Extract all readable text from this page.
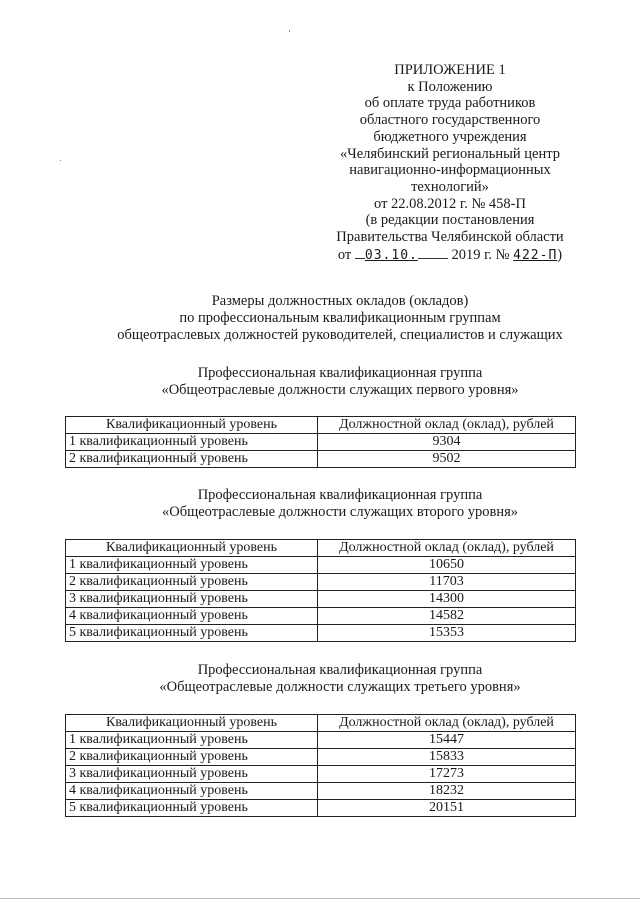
ПРИЛОЖЕНИЕ 1
к Положению
об оплате труда работников
областного государственного
бюджетного учреждения
«Челябинский региональный центр
навигационно-информационных
технологий»
от 22.08.2012 г. № 458-П
(в редакции постановления
Правительства Челябинской области
от 03.10. 2019 г. № 422-П)
Размеры должностных окладов (окладов)
по профессиональным квалификационным группам
общеотраслевых должностей руководителей, специалистов и служащих
Профессиональная квалификационная группа
«Общеотраслевые должности служащих первого уровня»
Квалификационный уровень	Должностной оклад (оклад), рублей
1 квалификационный уровень	9304
2 квалификационный уровень	9502
Профессиональная квалификационная группа
«Общеотраслевые должности служащих второго уровня»
Квалификационный уровень	Должностной оклад (оклад), рублей
1 квалификационный уровень	10650
2 квалификационный уровень	11703
3 квалификационный уровень	14300
4 квалификационный уровень	14582
5 квалификационный уровень	15353
Профессиональная квалификационная группа
«Общеотраслевые должности служащих третьего уровня»
Квалификационный уровень	Должностной оклад (оклад), рублей
1 квалификационный уровень	15447
2 квалификационный уровень	15833
3 квалификационный уровень	17273
4 квалификационный уровень	18232
5 квалификационный уровень	20151
